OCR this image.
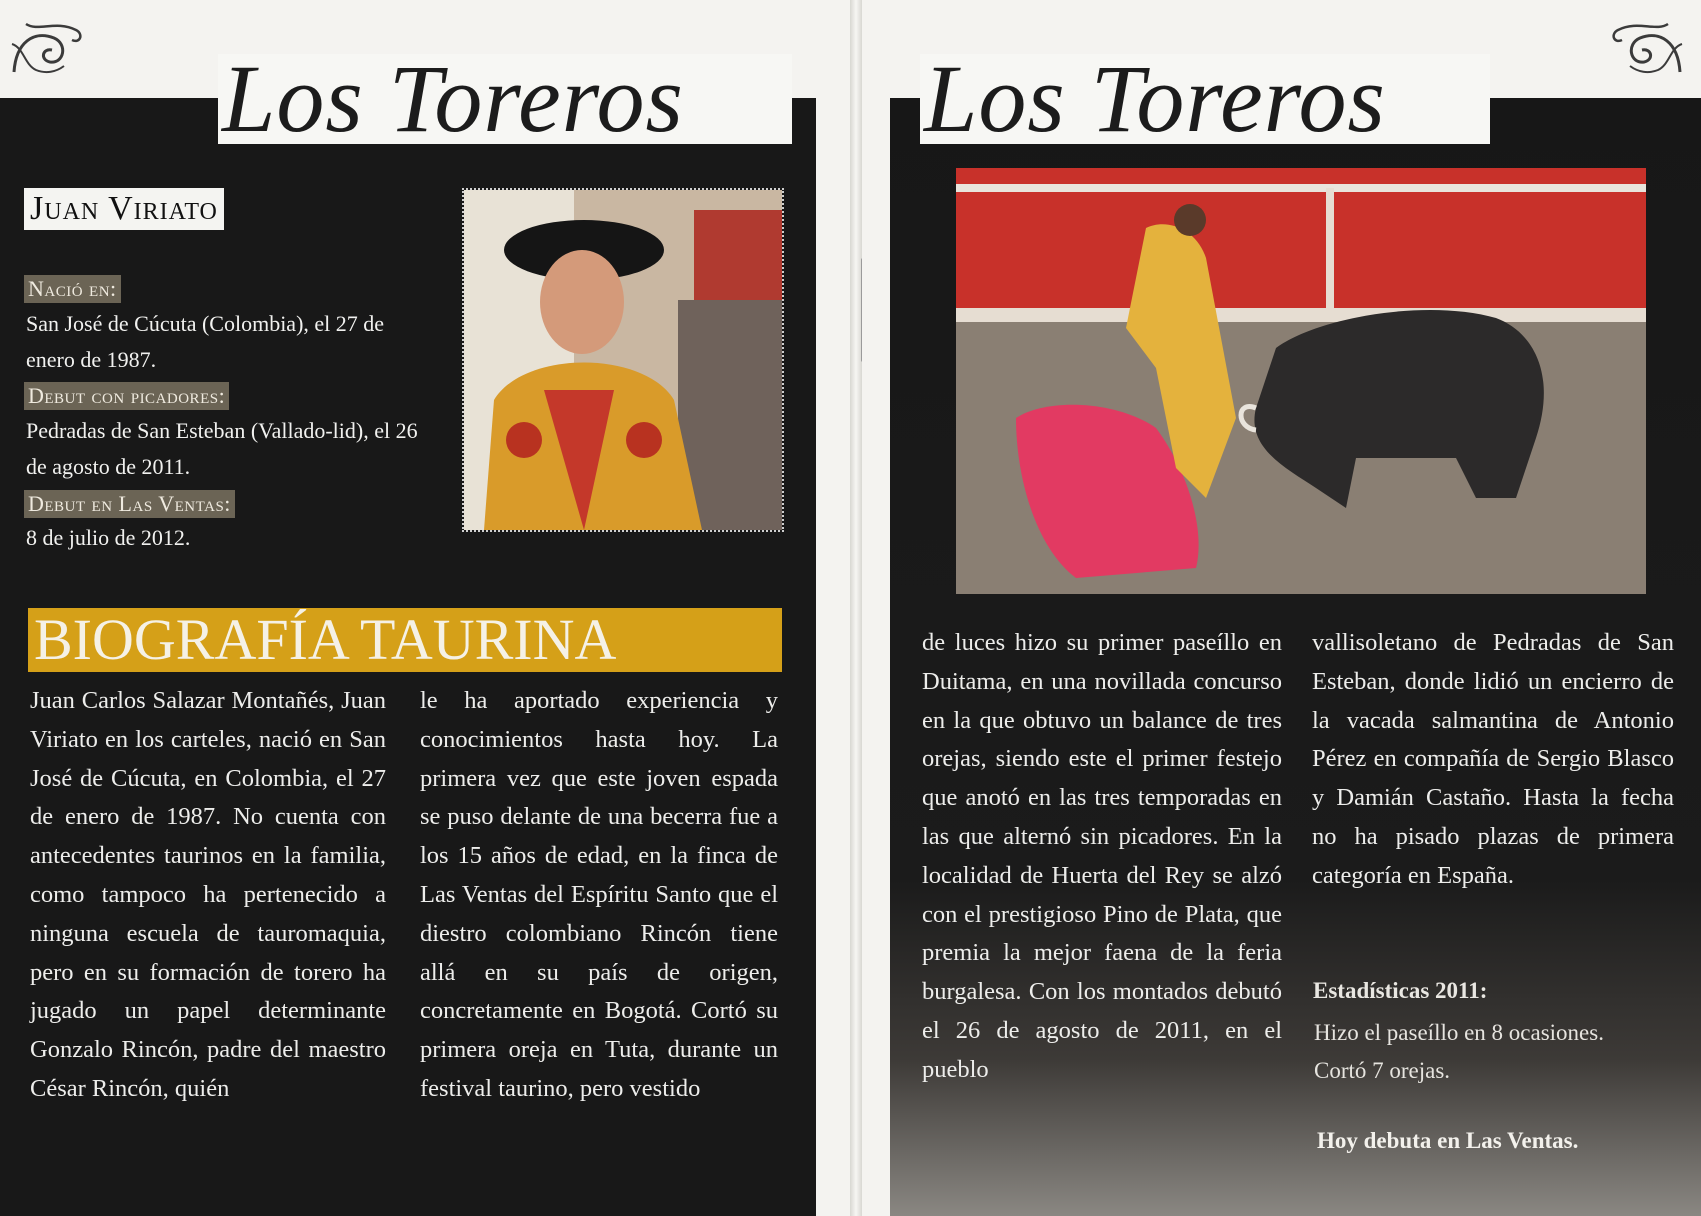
Los Toreros
Juan Viriato
Nació en:
San José de Cúcuta (Colombia), el 27 de enero de 1987.
Debut con picadores:
Pedradas de San Esteban (Vallado-lid), el 26 de agosto de 2011.
Debut en Las Ventas:
8 de julio de 2012.
BIOGRAFÍA TAURINA
Juan Carlos Salazar Montañés, Juan Viriato en los carteles, nació en San José de Cúcuta, en Colombia, el 27 de enero de 1987. No cuenta con antecedentes taurinos en la familia, como tampoco ha pertenecido a ninguna escuela de tauromaquia, pero en su formación de torero ha jugado un papel determinante Gonzalo Rincón, padre del maestro César Rincón, quién
le ha aportado experiencia y conocimientos hasta hoy. La primera vez que este joven espada se puso delante de una becerra fue a los 15 años de edad, en la finca de Las Ventas del Espíritu Santo que el diestro colombiano Rincón tiene allá en su país de origen, concretamente en Bogotá. Cortó su primera oreja en Tuta, durante un festival taurino, pero vestido
Los Toreros
de luces hizo su primer paseíllo en Duitama, en una novillada concurso en la que obtuvo un balance de tres orejas, siendo este el primer festejo que anotó en las tres temporadas en las que alternó sin picadores. En la localidad de Huerta del Rey se alzó con el prestigioso Pino de Plata, que premia la mejor faena de la feria burgalesa. Con los montados debutó el 26 de agosto de 2011, en el pueblo
vallisoletano de Pedradas de San Esteban, donde lidió un encierro de la vacada salmantina de Antonio Pérez en compañía de Sergio Blasco y Damián Castaño. Hasta la fecha no ha pisado plazas de primera categoría en España.
Estadísticas 2011:
Hizo el paseíllo en 8 ocasiones.
Cortó 7 orejas.
Hoy debuta en Las Ventas.
